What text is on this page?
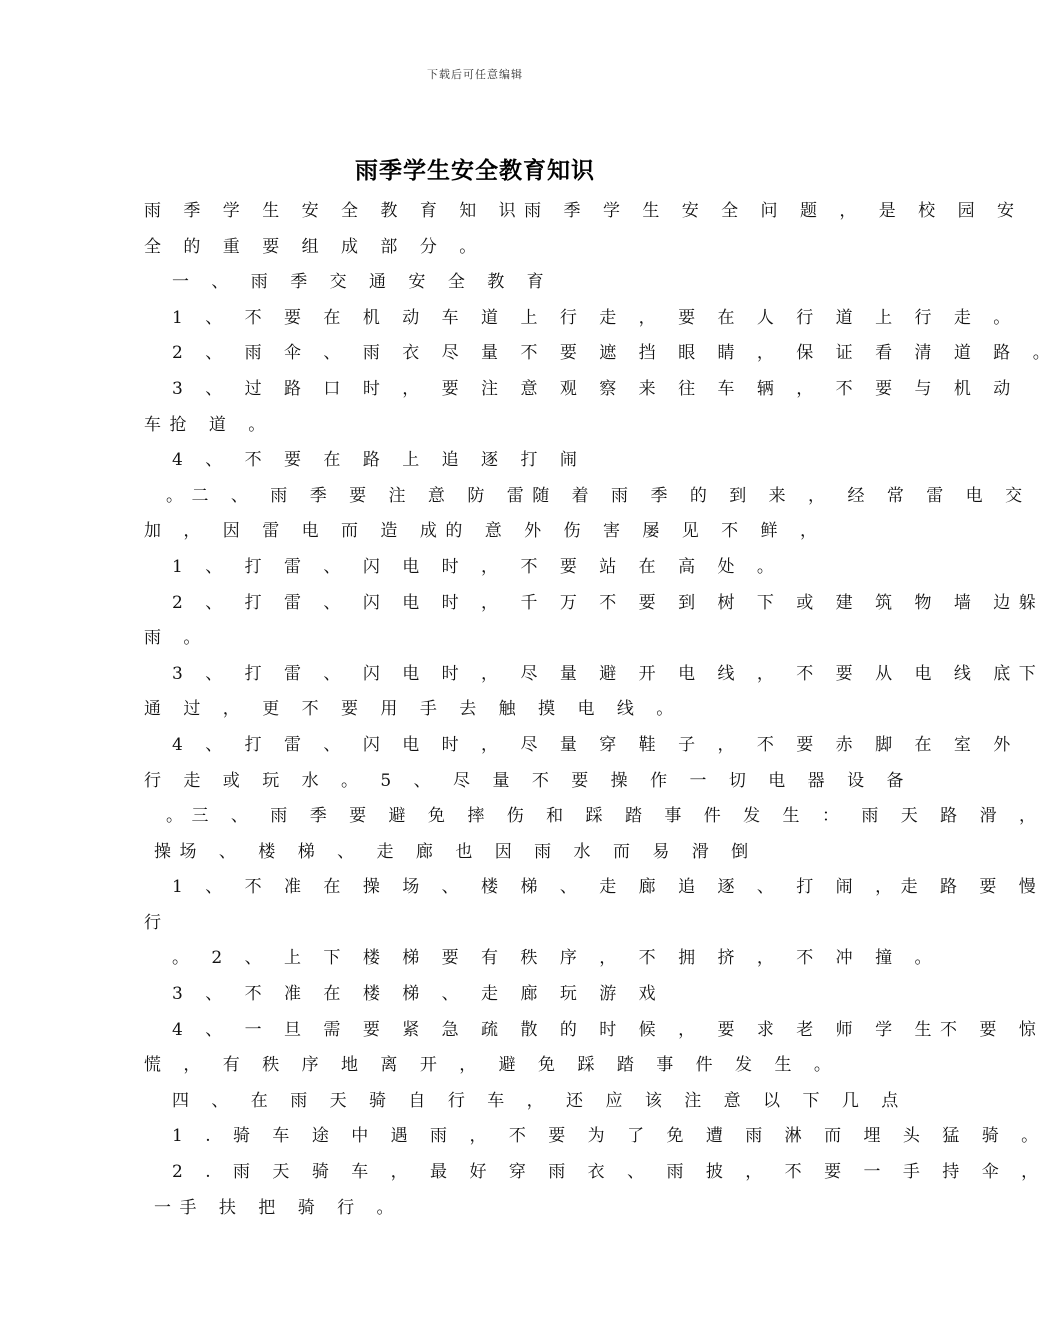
下载后可任意编辑
雨季学生安全教育知识
雨 季 学 生 安 全 教 育 知 识雨 季 学 生 安 全 问 题 ， 是 校 园 安
全 的 重 要 组 成 部 分 。
一 、 雨 季 交 通 安 全 教 育
1 、 不 要 在 机 动 车 道 上 行 走 ， 要 在 人 行 道 上 行 走 。
2 、 雨 伞 、 雨 衣 尽 量 不 要 遮 挡 眼 睛 ， 保 证 看 清 道 路 。
3 、 过 路 口 时 ， 要 注 意 观 察 来 往 车 辆 ， 不 要 与 机 动
车抢 道 。
4 、 不 要 在 路 上 追 逐 打 闹
。二 、 雨 季 要 注 意 防 雷随 着 雨 季 的 到 来 ， 经 常 雷 电 交
加 ， 因 雷 电 而 造 成的 意 外 伤 害 屡 见 不 鲜 ，
1 、 打 雷 、 闪 电 时 ， 不 要 站 在 高 处 。
2 、 打 雷 、 闪 电 时 ， 千 万 不 要 到 树 下 或 建 筑 物 墙 边躲
雨 。
3 、 打 雷 、 闪 电 时 ， 尽 量 避 开 电 线 ， 不 要 从 电 线 底下
通 过 ， 更 不 要 用 手 去 触 摸 电 线 。
4 、 打 雷 、 闪 电 时 ， 尽 量 穿 鞋 子 ， 不 要 赤 脚 在 室 外
行 走 或 玩 水 。 5 、 尽 量 不 要 操 作 一 切 电 器 设 备
。三 、 雨 季 要 避 免 摔 伤 和 踩 踏 事 件 发 生 ： 雨 天 路 滑 ，
操场 、 楼 梯 、 走 廊 也 因 雨 水 而 易 滑 倒
1 、 不 准 在 操 场 、 楼 梯 、 走 廊 追 逐 、 打 闹 ，走 路 要 慢
行
。 2 、 上 下 楼 梯 要 有 秩 序 ， 不 拥 挤 ， 不 冲 撞 。
3 、 不 准 在 楼 梯 、 走 廊 玩 游 戏
4 、 一 旦 需 要 紧 急 疏 散 的 时 候 ， 要 求 老 师 学 生不 要 惊
慌 ， 有 秩 序 地 离 开 ， 避 免 踩 踏 事 件 发 生 。
四 、 在 雨 天 骑 自 行 车 ， 还 应 该 注 意 以 下 几 点
1 . 骑 车 途 中 遇 雨 ， 不 要 为 了 免 遭 雨 淋 而 埋 头 猛 骑 。
2 . 雨 天 骑 车 ， 最 好 穿 雨 衣 、 雨 披 ， 不 要 一 手 持 伞 ，
一手 扶 把 骑 行 。
